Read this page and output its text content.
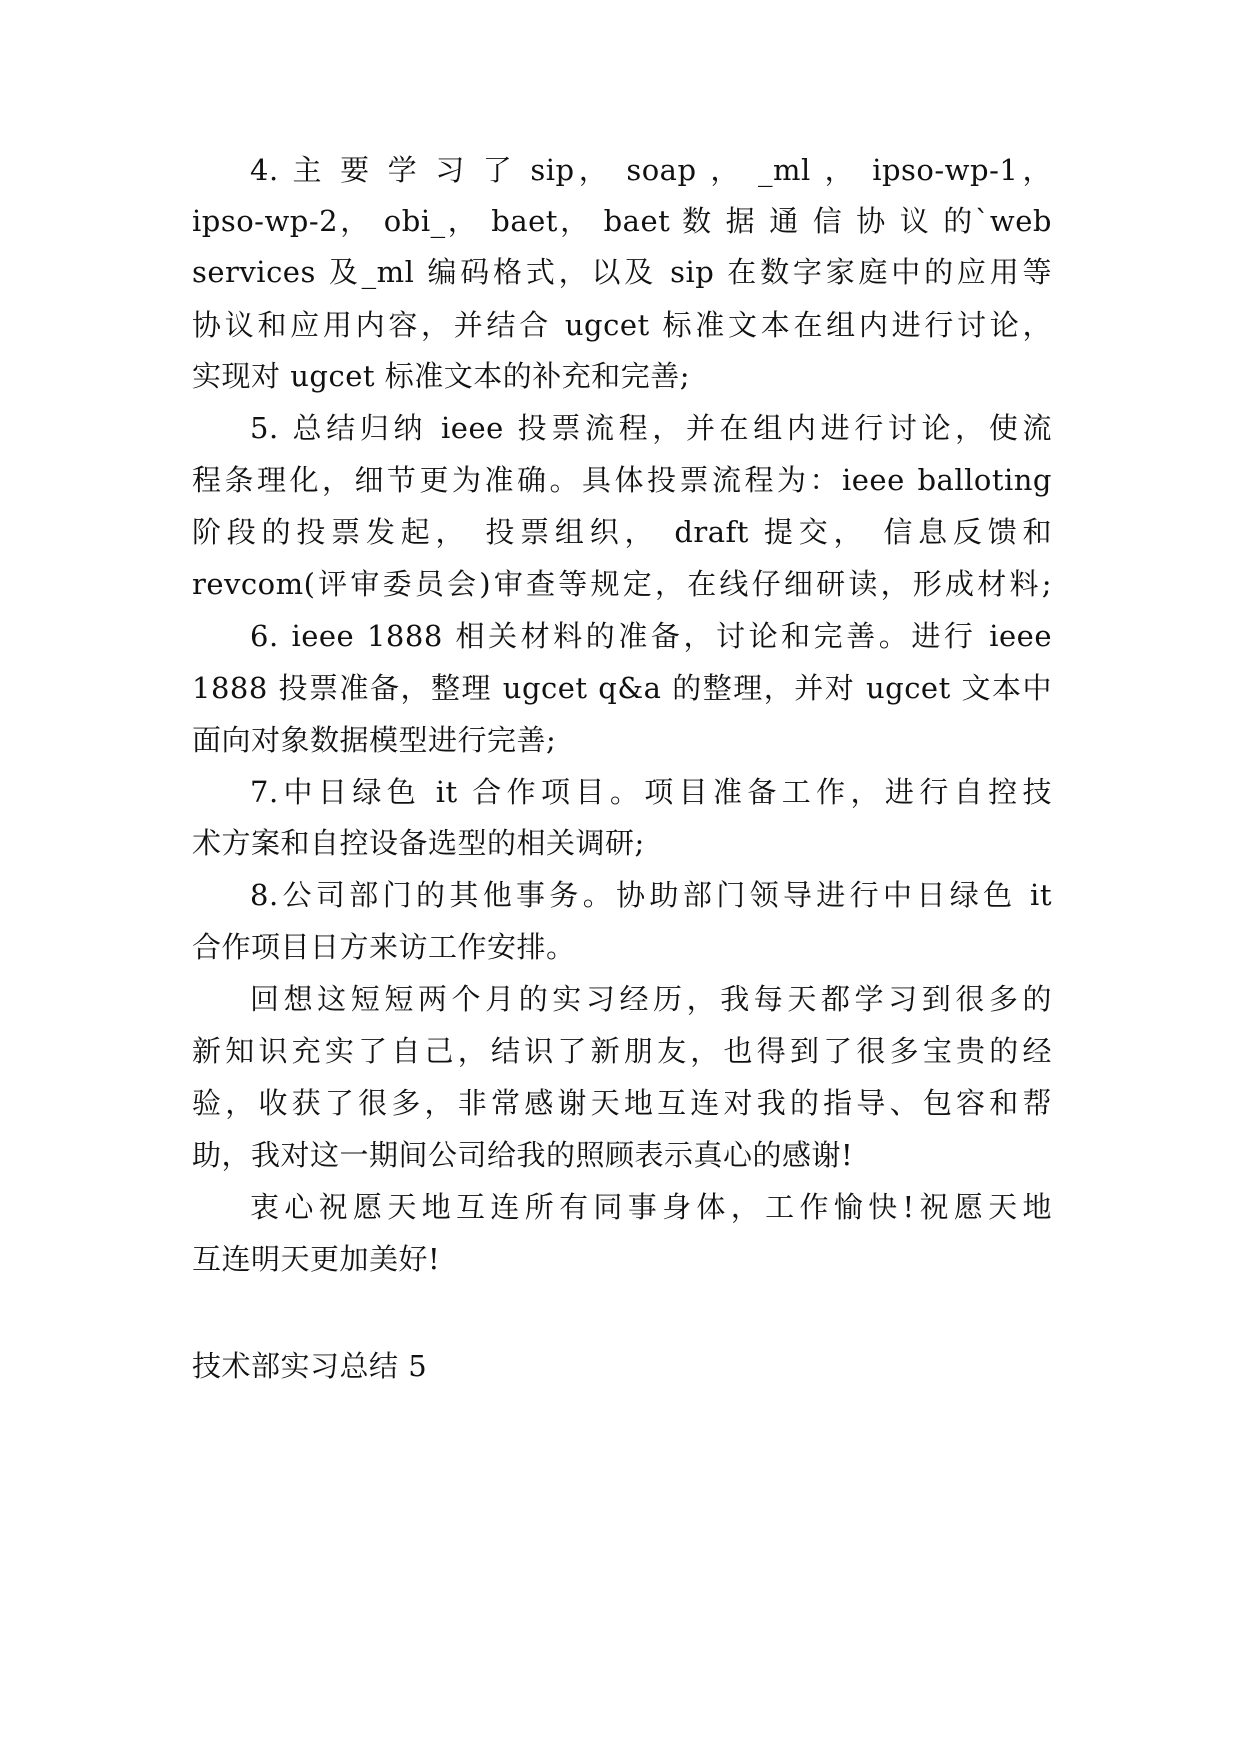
4. 主 要 学 习 了 sip， soap ， _ml ， ipso-wp-1，
ipso-wp-2， obi_， baet， baet 数 据 通 信 协 议 的`web
services 及_ml 编码格式，以及 sip 在数字家庭中的应用等
协议和应用内容，并结合 ugcet 标准文本在组内进行讨论，
实现对 ugcet 标准文本的补充和完善;
5. 总结归纳 ieee 投票流程，并在组内进行讨论，使流
程条理化，细节更为准确。具体投票流程为：ieee balloting
阶段的投票发起， 投票组织， draft 提交， 信息反馈和
revcom(评审委员会)审查等规定，在线仔细研读，形成材料;
6. ieee 1888 相关材料的准备，讨论和完善。进行 ieee
1888 投票准备，整理 ugcet q&a 的整理，并对 ugcet 文本中
面向对象数据模型进行完善;
7.中日绿色 it 合作项目。项目准备工作，进行自控技
术方案和自控设备选型的相关调研;
8.公司部门的其他事务。协助部门领导进行中日绿色 it
合作项目日方来访工作安排。
回想这短短两个月的实习经历，我每天都学习到很多的
新知识充实了自己，结识了新朋友，也得到了很多宝贵的经
验，收获了很多，非常感谢天地互连对我的指导、包容和帮
助，我对这一期间公司给我的照顾表示真心的感谢!
衷心祝愿天地互连所有同事身体，工作愉快!祝愿天地
互连明天更加美好!
技术部实习总结 5
